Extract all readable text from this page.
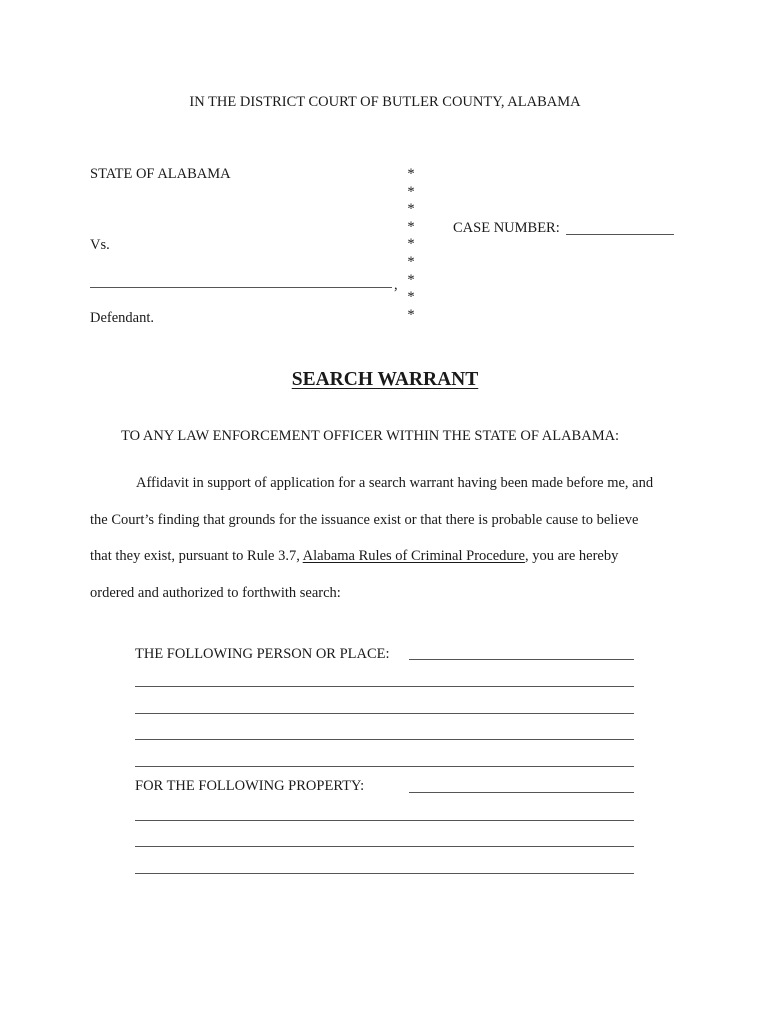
IN THE DISTRICT COURT OF BUTLER COUNTY, ALABAMA
STATE OF ALABAMA
Vs.
,
Defendant.
*
*
*
*
*
*
*
*
*
CASE NUMBER:
SEARCH WARRANT
TO ANY LAW ENFORCEMENT OFFICER WITHIN THE STATE OF ALABAMA:
Affidavit in support of application for a search warrant having been made before me, and
the Court’s finding that grounds for the issuance exist or that there is probable cause to believe
that they exist, pursuant to Rule 3.7, Alabama Rules of Criminal Procedure, you are hereby
ordered and authorized to forthwith search:
THE FOLLOWING PERSON OR PLACE:
FOR THE FOLLOWING PROPERTY:
